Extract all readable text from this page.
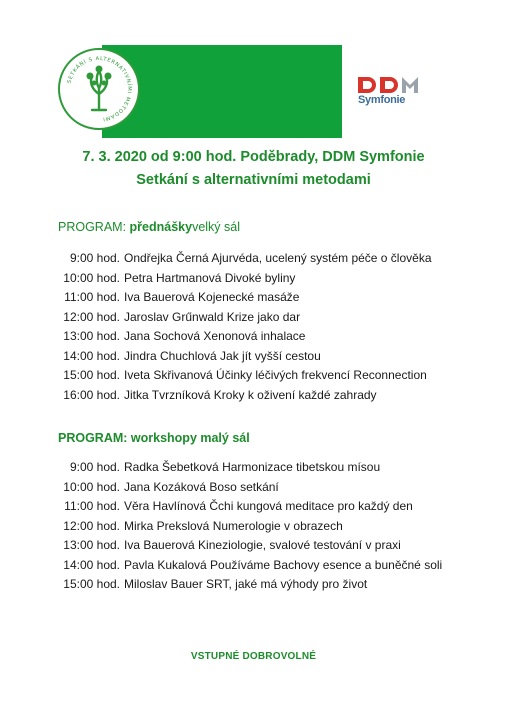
SETKÁNÍ S ALTERNATIVNÍMI METODAMI
Symfonie
7. 3. 2020 od 9:00 hod. Poděbrady, DDM Symfonie
Setkání s alternativními metodami
PROGRAM: přednáškyvelký sál
9:00 hod. Ondřejka Černá Ajurvéda, ucelený systém péče o člověka
10:00 hod. Petra Hartmanová Divoké byliny
11:00 hod. Iva Bauerová Kojenecké masáže
12:00 hod. Jaroslav Grűnwald Krize jako dar
13:00 hod. Jana Sochová Xenonová inhalace
14:00 hod. Jindra Chuchlová Jak jít vyšší cestou
15:00 hod. Iveta Skřivanová Účinky léčivých frekvencí Reconnection
16:00 hod. Jitka Tvrzníková Kroky k oživení každé zahrady
PROGRAM: workshopy malý sál
9:00 hod. Radka Šebetková Harmonizace tibetskou mísou
10:00 hod. Jana Kozáková Boso setkání
11:00 hod. Věra Havlínová Čchi kungová meditace pro každý den
12:00 hod. Mirka Prekslová Numerologie v obrazech
13:00 hod. Iva Bauerová Kineziologie, svalové testování v praxi
14:00 hod. Pavla Kukalová Používáme Bachovy esence a buněčné soli
15:00 hod. Miloslav Bauer SRT, jaké má výhody pro život
VSTUPNÉ DOBROVOLNÉ
